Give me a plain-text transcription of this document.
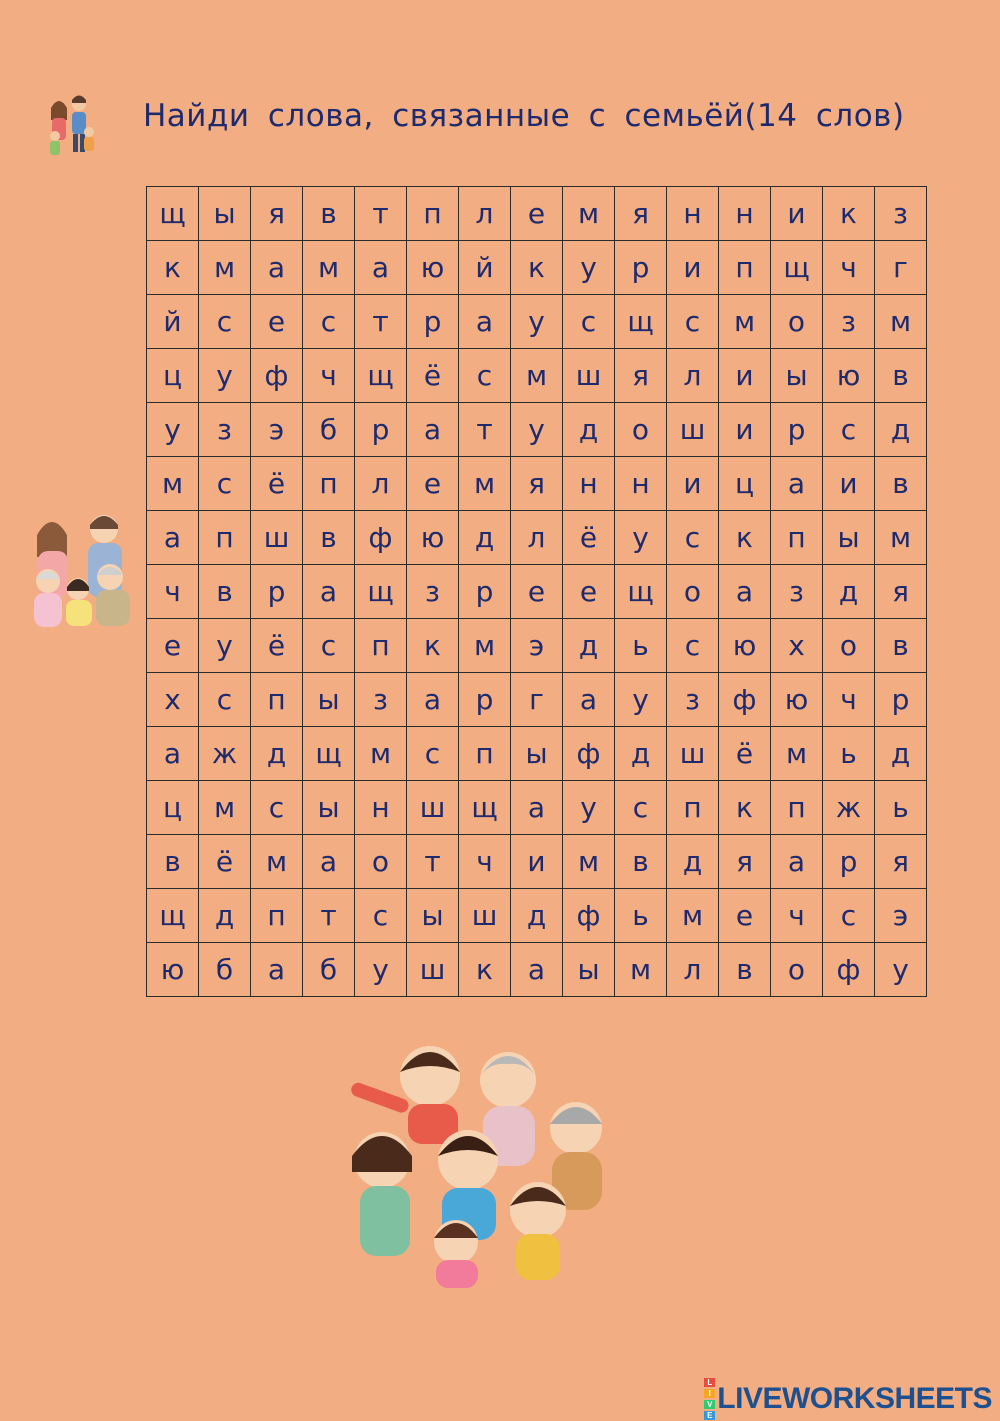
Найди слова, связанные с семьёй(14 слов)
щ	ы	я	в	т	п	л	е	м	я	н	н	и	к	з
к	м	а	м	а	ю	й	к	у	р	и	п	щ	ч	г
й	с	е	с	т	р	а	у	с	щ	с	м	о	з	м
ц	у	ф	ч	щ	ё	с	м	ш	я	л	и	ы	ю	в
у	з	э	б	р	а	т	у	д	о	ш	и	р	с	д
м	с	ё	п	л	е	м	я	н	н	и	ц	а	и	в
а	п	ш	в	ф	ю	д	л	ё	у	с	к	п	ы	м
ч	в	р	а	щ	з	р	е	е	щ	о	а	з	д	я
е	у	ё	с	п	к	м	э	д	ь	с	ю	х	о	в
х	с	п	ы	з	а	р	г	а	у	з	ф	ю	ч	р
а	ж	д	щ	м	с	п	ы	ф	д	ш	ё	м	ь	д
ц	м	с	ы	н	ш	щ	а	у	с	п	к	п	ж	ь
в	ё	м	а	о	т	ч	и	м	в	д	я	а	р	я
щ	д	п	т	с	ы	ш	д	ф	ь	м	е	ч	с	э
ю	б	а	б	у	ш	к	а	ы	м	л	в	о	ф	у
L
I
V
E
LIVEWORKSHEETS
